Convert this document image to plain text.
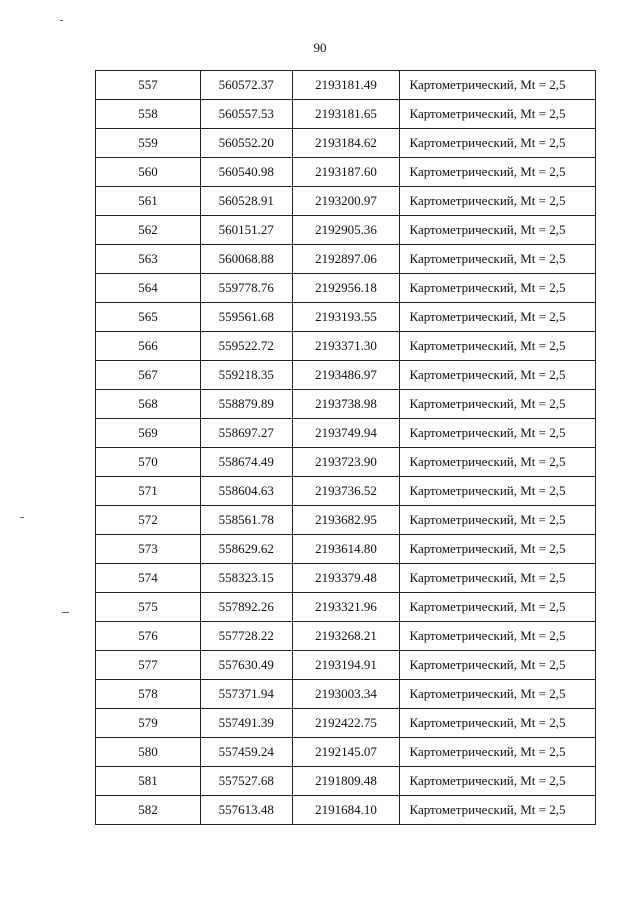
90
557	560572.37	2193181.49	Картометрический, Mt = 2,5
558	560557.53	2193181.65	Картометрический, Mt = 2,5
559	560552.20	2193184.62	Картометрический, Mt = 2,5
560	560540.98	2193187.60	Картометрический, Mt = 2,5
561	560528.91	2193200.97	Картометрический, Mt = 2,5
562	560151.27	2192905.36	Картометрический, Mt = 2,5
563	560068.88	2192897.06	Картометрический, Mt = 2,5
564	559778.76	2192956.18	Картометрический, Mt = 2,5
565	559561.68	2193193.55	Картометрический, Mt = 2,5
566	559522.72	2193371.30	Картометрический, Mt = 2,5
567	559218.35	2193486.97	Картометрический, Mt = 2,5
568	558879.89	2193738.98	Картометрический, Mt = 2,5
569	558697.27	2193749.94	Картометрический, Mt = 2,5
570	558674.49	2193723.90	Картометрический, Mt = 2,5
571	558604.63	2193736.52	Картометрический, Mt = 2,5
572	558561.78	2193682.95	Картометрический, Mt = 2,5
573	558629.62	2193614.80	Картометрический, Mt = 2,5
574	558323.15	2193379.48	Картометрический, Mt = 2,5
575	557892.26	2193321.96	Картометрический, Mt = 2,5
576	557728.22	2193268.21	Картометрический, Mt = 2,5
577	557630.49	2193194.91	Картометрический, Mt = 2,5
578	557371.94	2193003.34	Картометрический, Mt = 2,5
579	557491.39	2192422.75	Картометрический, Mt = 2,5
580	557459.24	2192145.07	Картометрический, Mt = 2,5
581	557527.68	2191809.48	Картометрический, Mt = 2,5
582	557613.48	2191684.10	Картометрический, Mt = 2,5
